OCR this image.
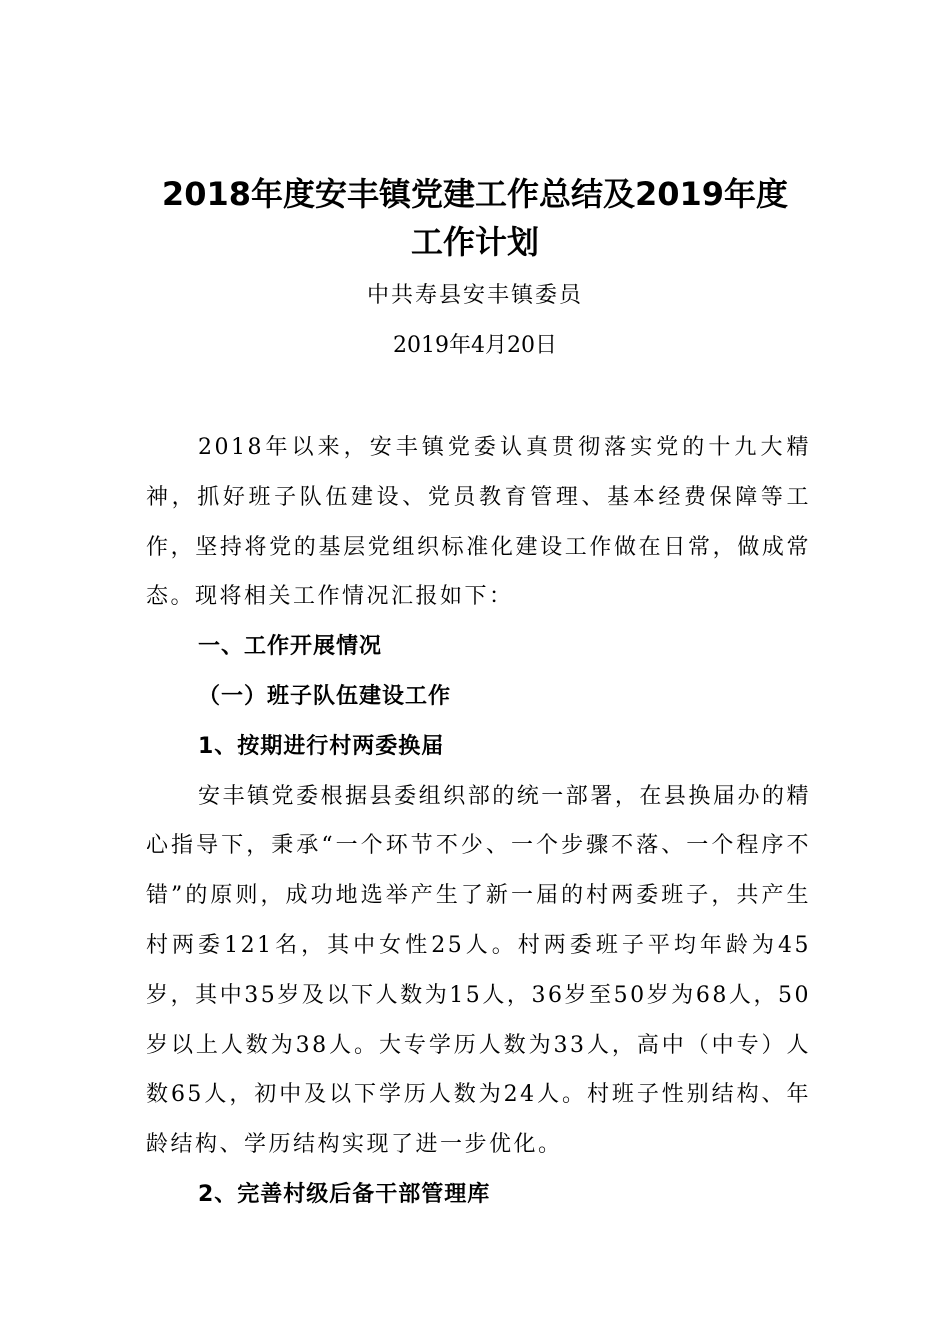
2018年度安丰镇党建工作总结及2019年度
工作计划
中共寿县安丰镇委员
2019年4月20日

2018年以来，安丰镇党委认真贯彻落实党的十九大精神，抓好班子队伍建设、党员教育管理、基本经费保障等工作，坚持将党的基层党组织标准化建设工作做在日常，做成常态。现将相关工作情况汇报如下：

一、工作开展情况

（一）班子队伍建设工作

1、按期进行村两委换届

安丰镇党委根据县委组织部的统一部署，在县换届办的精心指导下，秉承“一个环节不少、一个步骤不落、一个程序不错”的原则，成功地选举产生了新一届的村两委班子，共产生村两委121名，其中女性25人。村两委班子平均年龄为45岁，其中35岁及以下人数为15人，36岁至50岁为68人，50岁以上人数为38人。大专学历人数为33人，高中（中专）人数65人，初中及以下学历人数为24人。村班子性别结构、年龄结构、学历结构实现了进一步优化。

2、完善村级后备干部管理库
